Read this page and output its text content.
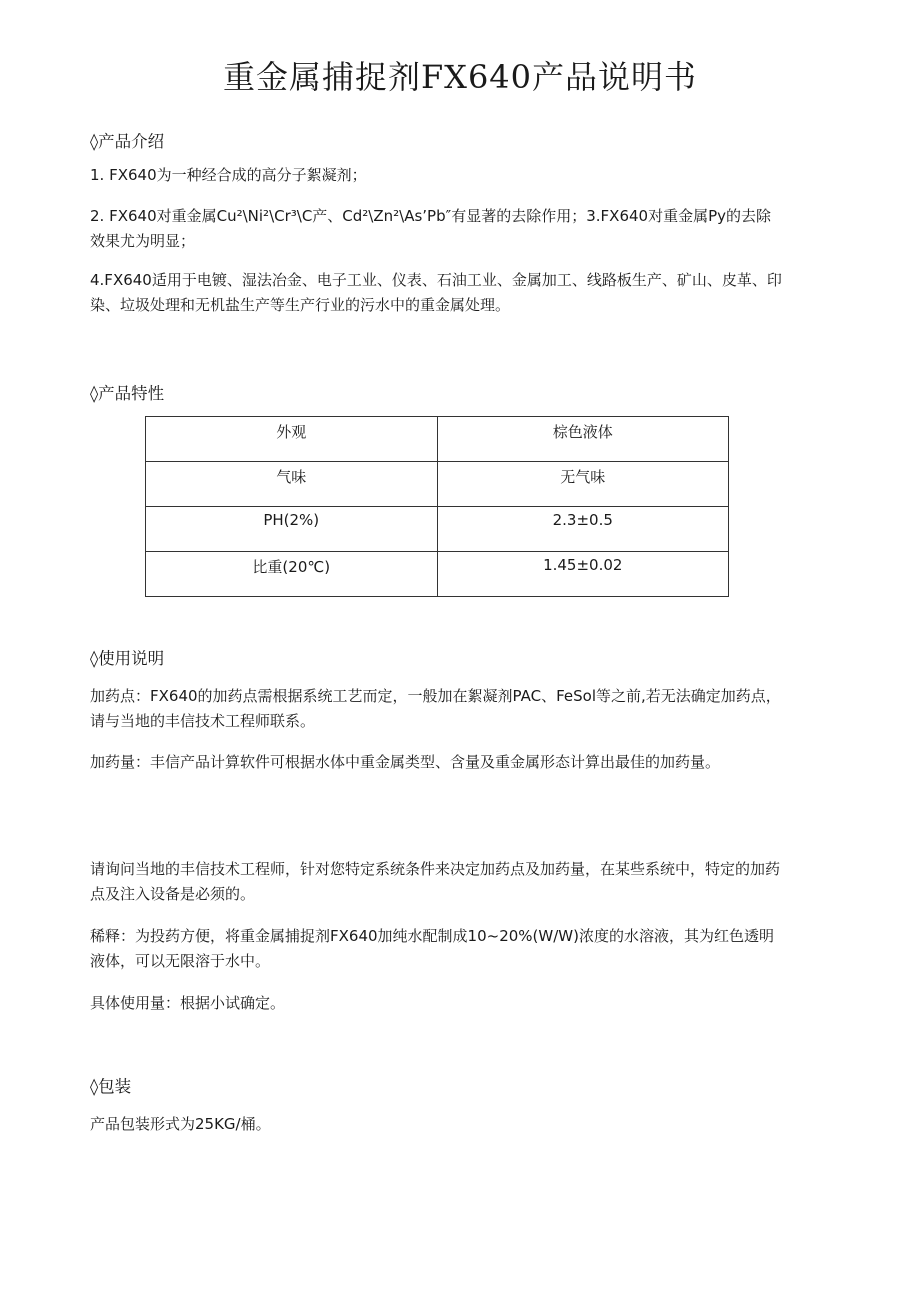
重金属捕捉剂FX640产品说明书
◊产品介绍

1. FX640为一种经合成的高分子絮凝剂；

2. FX640对重金属Cu²\Ni²\Cr³\C产、Cd²\Zn²\As’Pb″有显著的去除作用；3.FX640对重金属Py的去除效果尤为明显；

4.FX640适用于电镀、湿法冶金、电子工业、仪表、石油工业、金属加工、线路板生产、矿山、皮革、印染、垃圾处理和无机盐生产等生产行业的污水中的重金属处理。

◊产品特性
外观	棕色液体
气味	无气味
PH(2%)	2.3±0.5
比重(20℃)	1.45±0.02
◊使用说明

加药点：FX640的加药点需根据系统工艺而定，一般加在絮凝剂PAC、FeSol等之前,若无法确定加药点，请与当地的丰信技术工程师联系。

加药量：丰信产品计算软件可根据水体中重金属类型、含量及重金属形态计算出最佳的加药量。

请询问当地的丰信技术工程师，针对您特定系统条件来决定加药点及加药量，在某些系统中，特定的加药点及注入设备是必须的。

稀释：为投药方便，将重金属捕捉剂FX640加纯水配制成10~20%(W/W)浓度的水溶液，其为红色透明液体，可以无限溶于水中。

具体使用量：根据小试确定。

◊包装

产品包装形式为25KG/桶。
